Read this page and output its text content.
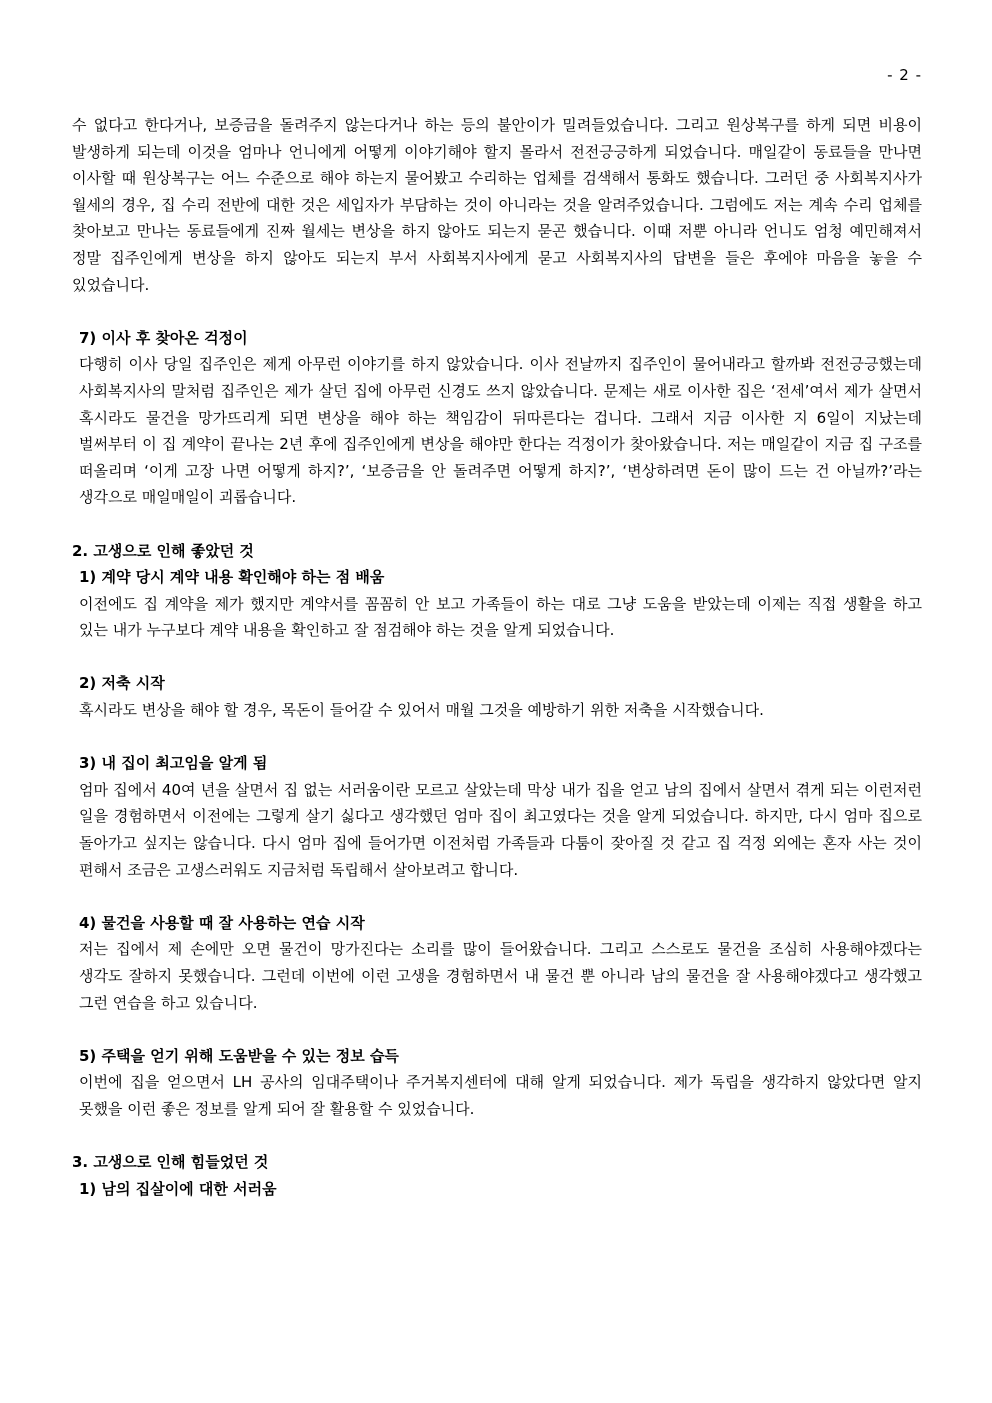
- 2 -

수 없다고 한다거나, 보증금을 돌려주지 않는다거나 하는 등의 불안이가 밀려들었습니다. 그리고 원상복구를 하게 되면 비용이 발생하게 되는데 이것을 엄마나 언니에게 어떻게 이야기해야 할지 몰라서 전전긍긍하게 되었습니다. 매일같이 동료들을 만나면 이사할 때 원상복구는 어느 수준으로 해야 하는지 물어봤고 수리하는 업체를 검색해서 통화도 했습니다. 그러던 중 사회복지사가 월세의 경우, 집 수리 전반에 대한 것은 세입자가 부담하는 것이 아니라는 것을 알려주었습니다. 그럼에도 저는 계속 수리 업체를 찾아보고 만나는 동료들에게 진짜 월세는 변상을 하지 않아도 되는지 묻곤 했습니다. 이때 저뿐 아니라 언니도 엄청 예민해져서 정말 집주인에게 변상을 하지 않아도 되는지 부서 사회복지사에게 묻고 사회복지사의 답변을 들은 후에야 마음을 놓을 수 있었습니다.

7) 이사 후 찾아온 걱정이

다행히 이사 당일 집주인은 제게 아무런 이야기를 하지 않았습니다. 이사 전날까지 집주인이 물어내라고 할까봐 전전긍긍했는데 사회복지사의 말처럼 집주인은 제가 살던 집에 아무런 신경도 쓰지 않았습니다. 문제는 새로 이사한 집은 ‘전세’여서 제가 살면서 혹시라도 물건을 망가뜨리게 되면 변상을 해야 하는 책임감이 뒤따른다는 겁니다. 그래서 지금 이사한 지 6일이 지났는데 벌써부터 이 집 계약이 끝나는 2년 후에 집주인에게 변상을 해야만 한다는 걱정이가 찾아왔습니다. 저는 매일같이 지금 집 구조를 떠올리며 ‘이게 고장 나면 어떻게 하지?’, ‘보증금을 안 돌려주면 어떻게 하지?’, ‘변상하려면 돈이 많이 드는 건 아닐까?’라는 생각으로 매일매일이 괴롭습니다.

2. 고생으로 인해 좋았던 것

1) 계약 당시 계약 내용 확인해야 하는 점 배움

이전에도 집 계약을 제가 했지만 계약서를 꼼꼼히 안 보고 가족들이 하는 대로 그냥 도움을 받았는데 이제는 직접 생활을 하고 있는 내가 누구보다 계약 내용을 확인하고 잘 점검해야 하는 것을 알게 되었습니다.

2) 저축 시작

혹시라도 변상을 해야 할 경우, 목돈이 들어갈 수 있어서 매월 그것을 예방하기 위한 저축을 시작했습니다.

3) 내 집이 최고임을 알게 됨

엄마 집에서 40여 년을 살면서 집 없는 서러움이란 모르고 살았는데 막상 내가 집을 얻고 남의 집에서 살면서 겪게 되는 이런저런 일을 경험하면서 이전에는 그렇게 살기 싫다고 생각했던 엄마 집이 최고였다는 것을 알게 되었습니다. 하지만, 다시 엄마 집으로 돌아가고 싶지는 않습니다. 다시 엄마 집에 들어가면 이전처럼 가족들과 다툼이 잦아질 것 같고 집 걱정 외에는 혼자 사는 것이 편해서 조금은 고생스러워도 지금처럼 독립해서 살아보려고 합니다.

4) 물건을 사용할 때 잘 사용하는 연습 시작

저는 집에서 제 손에만 오면 물건이 망가진다는 소리를 많이 들어왔습니다. 그리고 스스로도 물건을 조심히 사용해야겠다는 생각도 잘하지 못했습니다. 그런데 이번에 이런 고생을 경험하면서 내 물건 뿐 아니라 남의 물건을 잘 사용해야겠다고 생각했고 그런 연습을 하고 있습니다.

5) 주택을 얻기 위해 도움받을 수 있는 정보 습득

이번에 집을 얻으면서 LH 공사의 임대주택이나 주거복지센터에 대해 알게 되었습니다. 제가 독립을 생각하지 않았다면 알지 못했을 이런 좋은 정보를 알게 되어 잘 활용할 수 있었습니다.

3. 고생으로 인해 힘들었던 것

1) 남의 집살이에 대한 서러움
